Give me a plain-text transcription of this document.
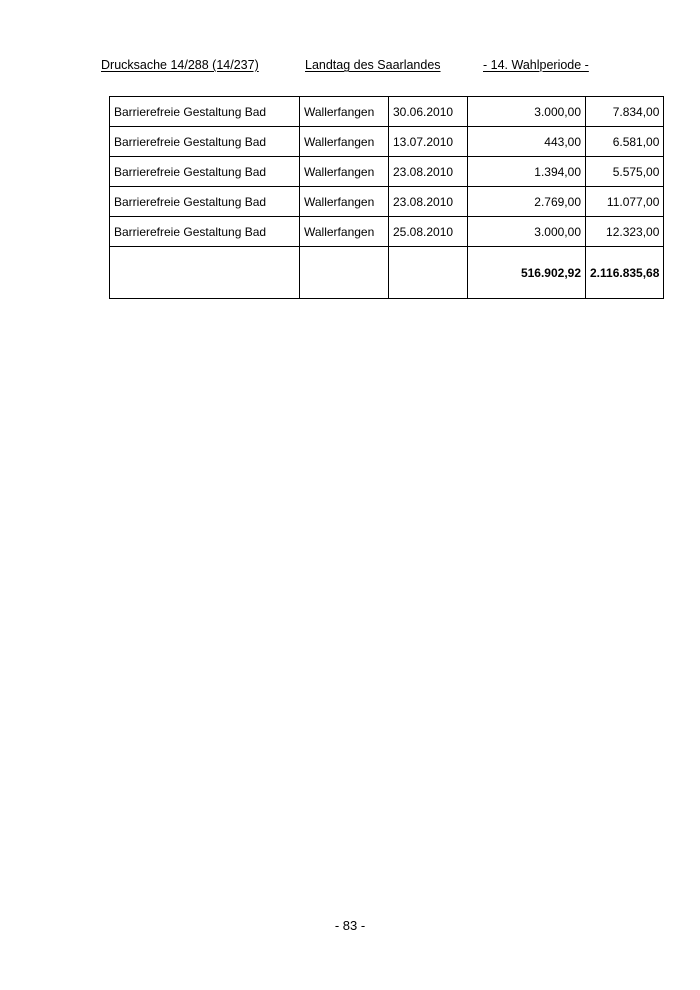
Drucksache 14/288 (14/237)	Landtag des Saarlandes	- 14. Wahlperiode -
Barrierefreie Gestaltung Bad	Wallerfangen	30.06.2010	3.000,00	7.834,00
Barrierefreie Gestaltung Bad	Wallerfangen	13.07.2010	443,00	6.581,00
Barrierefreie Gestaltung Bad	Wallerfangen	23.08.2010	1.394,00	5.575,00
Barrierefreie Gestaltung Bad	Wallerfangen	23.08.2010	2.769,00	11.077,00
Barrierefreie Gestaltung Bad	Wallerfangen	25.08.2010	3.000,00	12.323,00
			516.902,92	2.116.835,68
- 83 -
